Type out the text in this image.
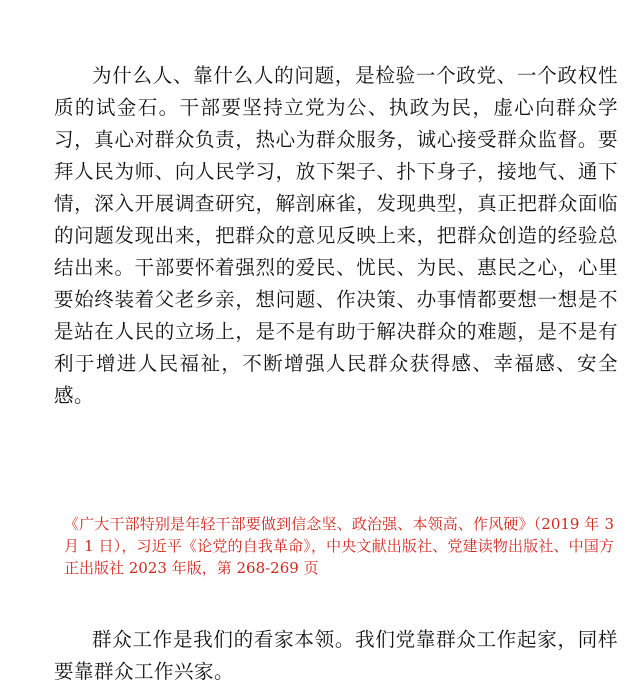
为什么人、靠什么人的问题，是检验一个政党、一个政权性质的试金石。干部要坚持立党为公、执政为民，虚心向群众学习，真心对群众负责，热心为群众服务，诚心接受群众监督。要拜人民为师、向人民学习，放下架子、扑下身子，接地气、通下情，深入开展调查研究，解剖麻雀，发现典型，真正把群众面临的问题发现出来，把群众的意见反映上来，把群众创造的经验总结出来。干部要怀着强烈的爱民、忧民、为民、惠民之心，心里要始终装着父老乡亲，想问题、作决策、办事情都要想一想是不是站在人民的立场上，是不是有助于解决群众的难题，是不是有利于增进人民福祉，不断增强人民群众获得感、幸福感、安全感。

《广大干部特别是年轻干部要做到信念坚、政治强、本领高、作风硬》（2019 年 3 月 1 日），习近平《论党的自我革命》，中央文献出版社、党建读物出版社、中国方正出版社 2023 年版，第 268-269 页

群众工作是我们的看家本领。我们党靠群众工作起家，同样要靠群众工作兴家。
